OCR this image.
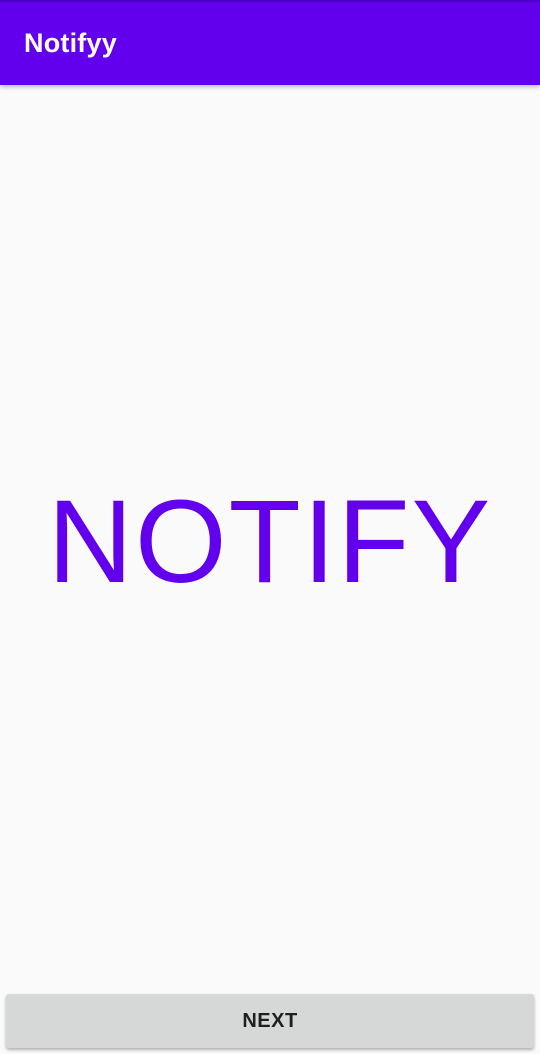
Notifyy
NOTIFY
NEXT
